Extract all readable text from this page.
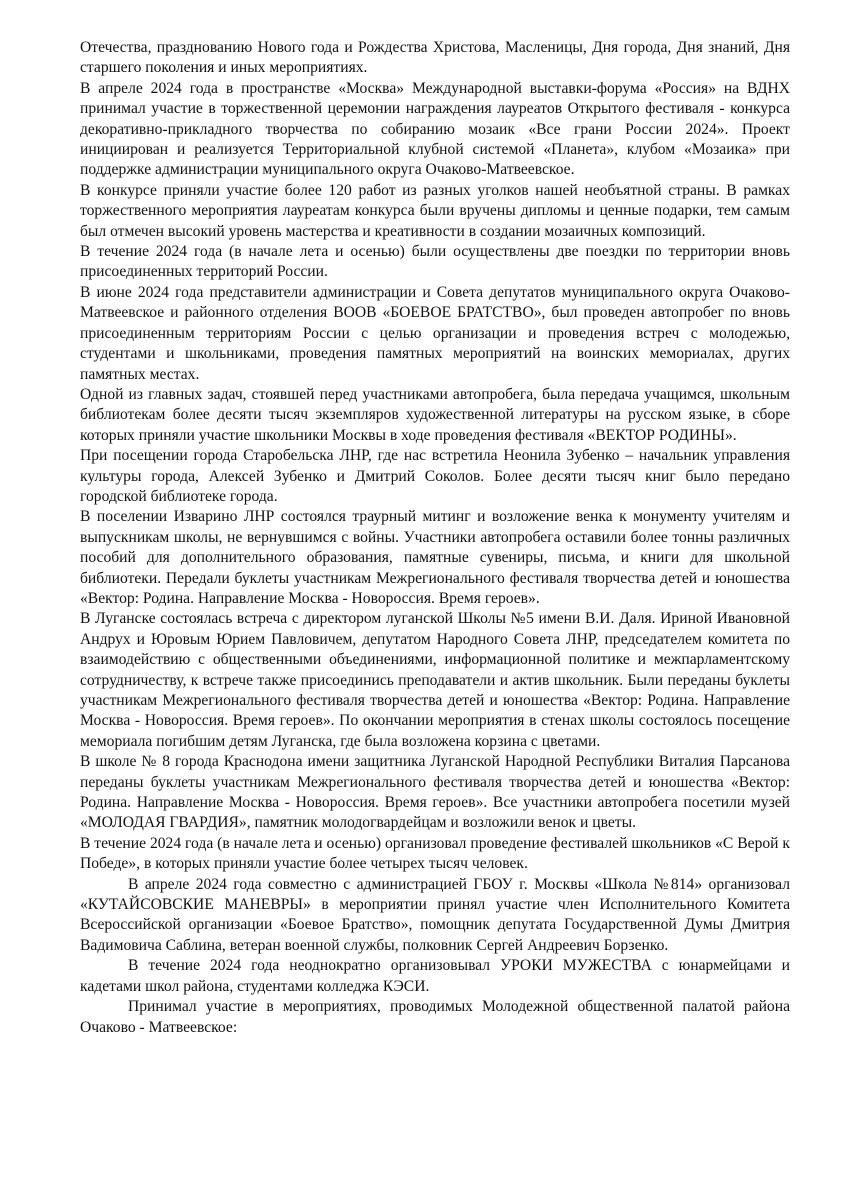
Отечества, празднованию Нового года и Рождества Христова, Масленицы, Дня города, Дня знаний, Дня старшего поколения и иных мероприятиях.

В апреле 2024 года в пространстве «Москва» Международной выставки-форума «Россия» на ВДНХ принимал участие в торжественной церемонии награждения лауреатов Открытого фестиваля - конкурса декоративно-прикладного творчества по собиранию мозаик «Все грани России 2024». Проект инициирован и реализуется Территориальной клубной системой «Планета», клубом «Мозаика» при поддержке администрации муниципального округа Очаково-Матвеевское.

В конкурсе приняли участие более 120 работ из разных уголков нашей необъятной страны. В рамках торжественного мероприятия лауреатам конкурса были вручены дипломы и ценные подарки, тем самым был отмечен высокий уровень мастерства и креативности в создании мозаичных композиций.

В течение 2024 года (в начале лета и осенью) были осуществлены две поездки по территории вновь присоединенных территорий России.

В июне 2024 года представители администрации и Совета депутатов муниципального округа Очаково-Матвеевское и районного отделения ВООВ «БОЕВОЕ БРАТСТВО», был проведен автопробег по вновь присоединенным территориям России с целью организации и проведения встреч с молодежью, студентами и школьниками, проведения памятных мероприятий на воинских мемориалах, других памятных местах.

Одной из главных задач, стоявшей перед участниками автопробега, была передача учащимся, школьным библиотекам более десяти тысяч экземпляров художественной литературы на русском языке, в сборе которых приняли участие школьники Москвы в ходе проведения фестиваля «ВЕКТОР РОДИНЫ».

При посещении города Старобельска ЛНР, где нас встретила Неонила Зубенко – начальник управления культуры города, Алексей Зубенко и Дмитрий Соколов. Более десяти тысяч книг было передано городской библиотеке города.

В поселении Изварино ЛНР состоялся траурный митинг и возложение венка к монументу учителям и выпускникам школы, не вернувшимся с войны. Участники автопробега оставили более тонны различных пособий для дополнительного образования, памятные сувениры, письма, и книги для школьной библиотеки. Передали буклеты участникам Межрегионального фестиваля творчества детей и юношества «Вектор: Родина. Направление Москва - Новороссия. Время героев».

В Луганске состоялась встреча с директором луганской Школы №5 имени В.И. Даля. Ириной Ивановной Андрух и Юровым Юрием Павловичем, депутатом Народного Совета ЛНР, председателем комитета по взаимодействию с общественными объединениями, информационной политике и межпарламентскому сотрудничеству, к встрече также присоединись преподаватели и актив школьник. Были переданы буклеты участникам Межрегионального фестиваля творчества детей и юношества «Вектор: Родина. Направление Москва - Новороссия. Время героев». По окончании мероприятия в стенах школы состоялось посещение мемориала погибшим детям Луганска, где была возложена корзина с цветами.

В школе № 8 города Краснодона имени защитника Луганской Народной Республики Виталия Парсанова переданы буклеты участникам Межрегионального фестиваля творчества детей и юношества «Вектор: Родина. Направление Москва - Новороссия. Время героев». Все участники автопробега посетили музей «МОЛОДАЯ ГВАРДИЯ», памятник молодогвардейцам и возложили венок и цветы.

В течение 2024 года (в начале лета и осенью) организовал проведение фестивалей школьников «С Верой к Победе», в которых приняли участие более четырех тысяч человек.

В апреле 2024 года совместно с администрацией ГБОУ г. Москвы «Школа №814» организовал «КУТАЙСОВСКИЕ МАНЕВРЫ» в мероприятии принял участие член Исполнительного Комитета Всероссийской организации «Боевое Братство», помощник депутата Государственной Думы Дмитрия Вадимовича Саблина, ветеран военной службы, полковник Сергей Андреевич Борзенко.

В течение 2024 года неоднократно организовывал УРОКИ МУЖЕСТВА с юнармейцами и кадетами школ района, студентами колледжа КЭСИ.

Принимал участие в мероприятиях, проводимых Молодежной общественной палатой района Очаково - Матвеевское:
